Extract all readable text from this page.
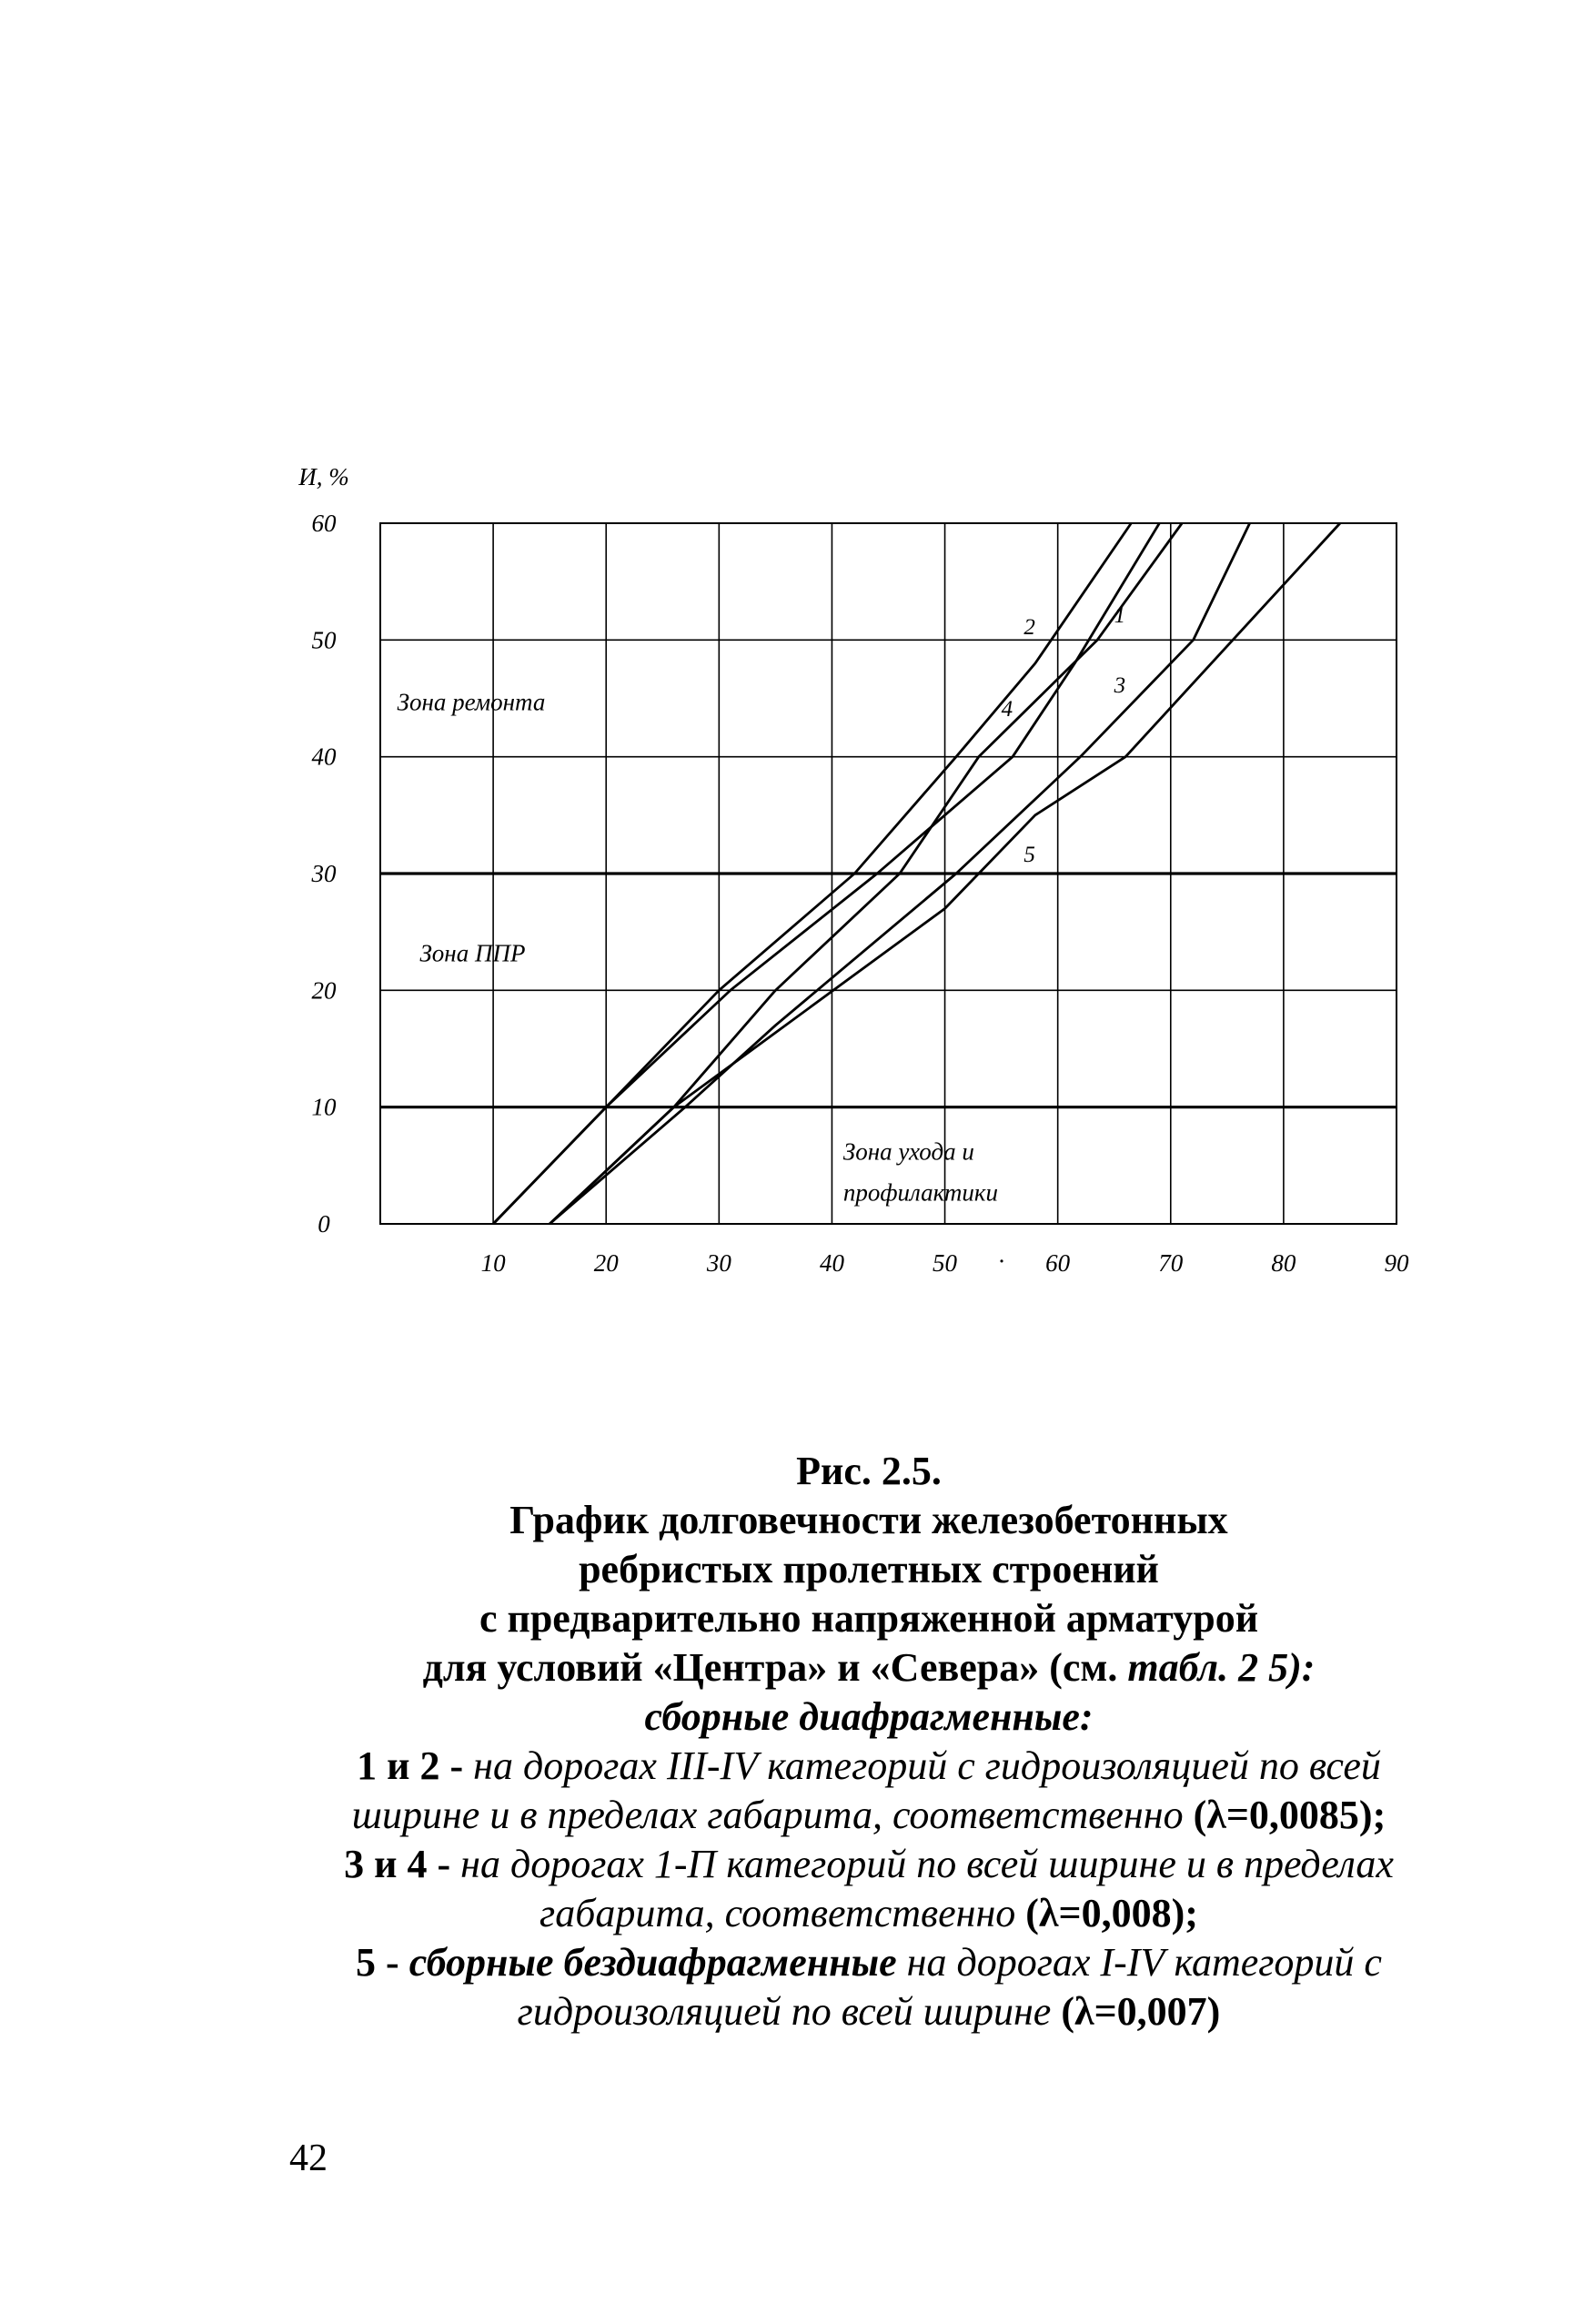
0
10
20
30
40
50
60
10	20	30	40	50	60	70	80	90
·
И, %
Зона ремонта
Зона ППР
Зона ухода и
профилактики
1
2
3
4
5
Рис. 2.5.
График долговечности железобетонных
ребристых пролетных строений
с предварительно напряженной арматурой
для условий «Центра» и «Севера» (см. табл. 2 5):
сборные диафрагменные:
1 и 2 - на дорогах III-IV категорий с гидроизоляцией по всей
ширине и в пределах габарита, соответственно (λ=0,0085);
3 и 4 - на дорогах 1-П категорий по всей ширине и в пределах
габарита, соответственно (λ=0,008);
5 - сборные бездиафрагменные на дорогах I-IV категорий с
гидроизоляцией по всей ширине (λ=0,007)
42
